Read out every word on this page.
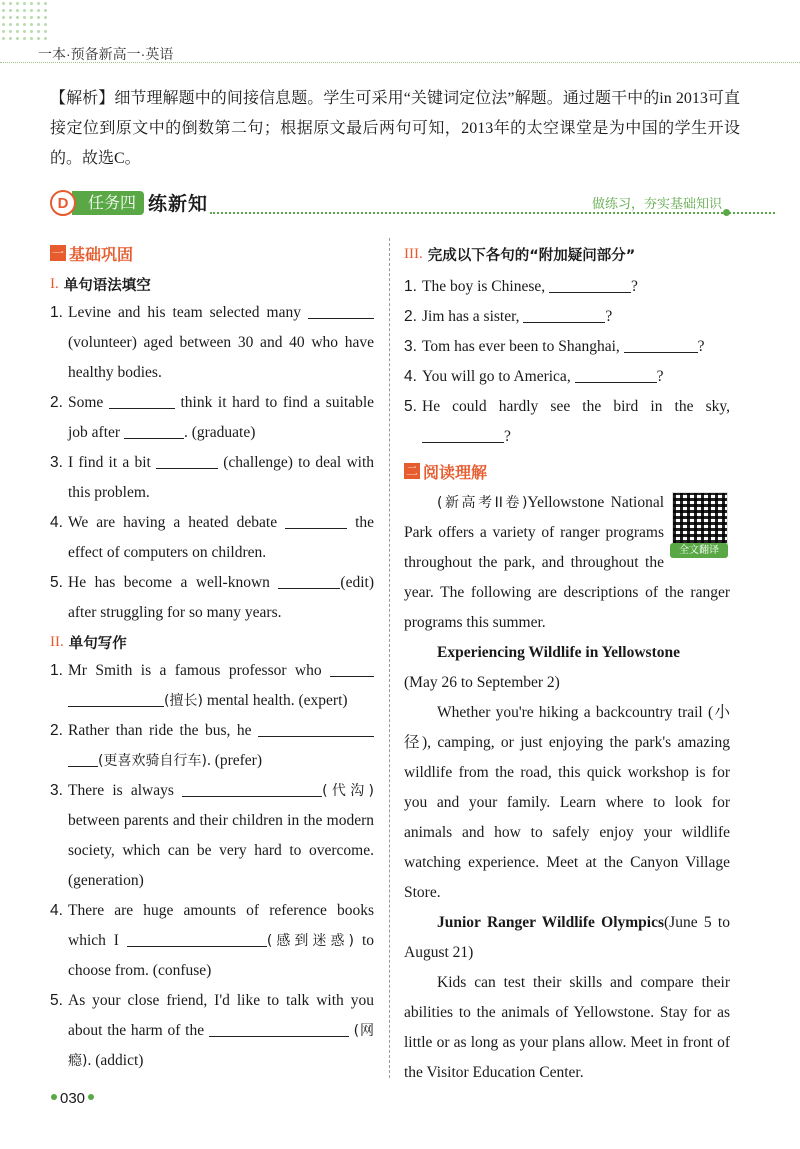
一本·预备新高一·英语
【解析】细节理解题中的间接信息题。学生可采用“关键词定位法”解题。通过题干中的in 2013可直接定位到原文中的倒数第二句；根据原文最后两句可知，2013年的太空课堂是为中国的学生开设的。故选C。
任务四
D	练新知	做练习，夯实基础知识
一 基础巩固
I. 单句语法填空
1. Levine and his team selected many  (volunteer) aged between 30 and 40 who have healthy bodies.
2. Some	think it hard to find a suitable job after	. (graduate)
3. I find it a bit	(challenge) to deal with this problem.
4. We are having a heated debate	the effect of computers on children.
5. He has become a well-known	(edit) after struggling for so many years.
II. 单句写作
1. Mr Smith is a famous professor who  (擅长) mental health. (expert)
2. Rather than ride the bus, he  (更喜欢骑自行车). (prefer)
3. There is always	(代沟) between parents and their children in the modern society, which can be very hard to overcome. (generation)
4. There are huge amounts of reference books which I	(感到迷惑) to choose from. (confuse)
5. As your close friend, I'd like to talk with you about the harm of the	(网瘾). (addict)
III. 完成以下各句的“附加疑问部分”
1. The boy is Chinese,	?
2. Jim has a sister,	?
3. Tom has ever been to Shanghai,	?
4. You will go to America,	?
5. He could hardly see the bird in the sky, ?
二 阅读理解
全文翻译

(新高考II卷)Yellowstone National Park offers a variety of ranger programs throughout the park, and throughout the year. The following are descriptions of the ranger programs this summer.

Experiencing Wildlife in Yellowstone

(May 26 to September 2)

Whether you're hiking a backcountry trail (小径), camping, or just enjoying the park's amazing wildlife from the road, this quick workshop is for you and your family. Learn where to look for animals and how to safely enjoy your wildlife watching experience. Meet at the Canyon Village Store.

Junior Ranger Wildlife Olympics(June 5 to August 21)

Kids can test their skills and compare their abilities to the animals of Yellowstone. Stay for as little or as long as your plans allow. Meet in front of the Visitor Education Center.

030
